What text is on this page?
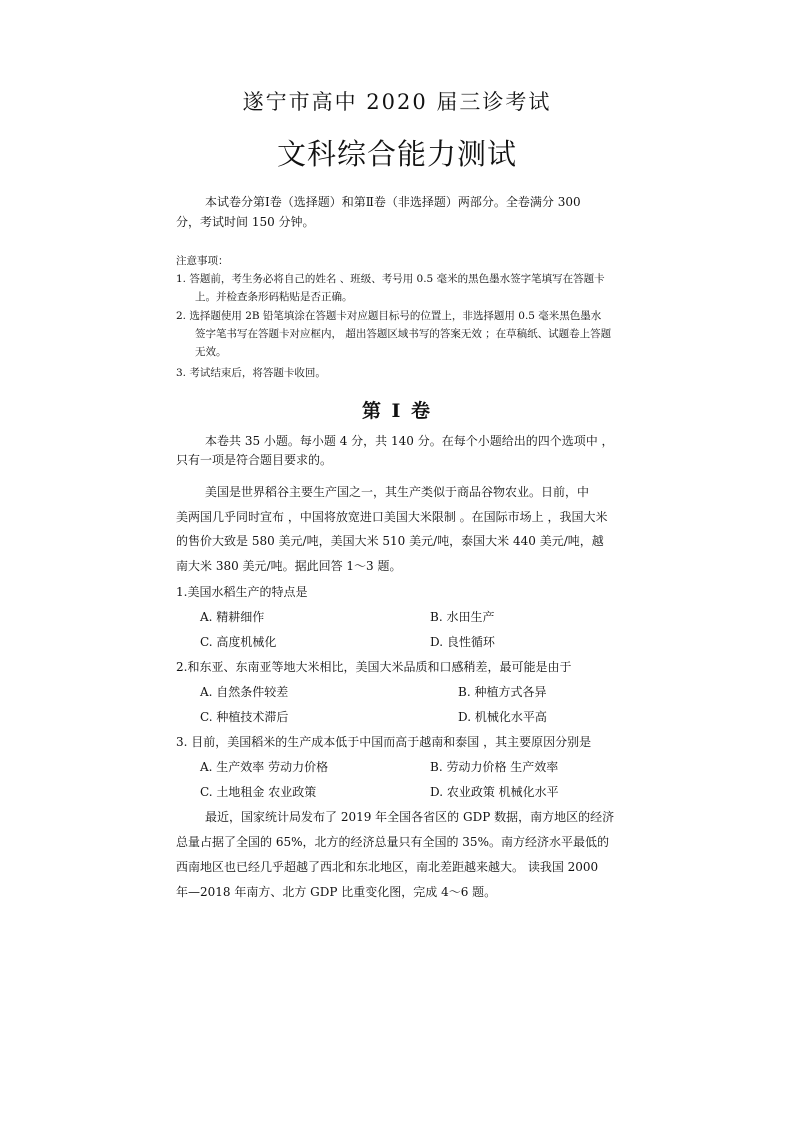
遂宁市高中 2020 届三诊考试
文科综合能力测试
本试卷分第Ⅰ卷（选择题）和第Ⅱ卷（非选择题）两部分。全卷满分 300
分，考试时间 150 分钟。
注意事项：
1. 答题前，考生务必将自己的姓名 、班级、考号用 0.5 毫米的黑色墨水签字笔填写在答题卡
上。并检查条形码粘贴是否正确。
2. 选择题使用 2B 铅笔填涂在答题卡对应题目标号的位置上，非选择题用 0.5 毫米黑色墨水
签字笔书写在答题卡对应框内， 超出答题区域书写的答案无效 ；在草稿纸、试题卷上答题
无效。
3. 考试结束后，将答题卡收回。
第 Ⅰ 卷
本卷共 35 小题。每小题 4 分，共 140 分。在每个小题给出的四个选项中 ，
只有一项是符合题目要求的。
美国是世界稻谷主要生产国之一，其生产类似于商品谷物农业。日前，中
美两国几乎同时宣布 ，中国将放宽进口美国大米限制 。在国际市场上 ，我国大米
的售价大致是 580 美元/吨，美国大米 510 美元/吨，泰国大米 440 美元/吨，越
南大米 380 美元/吨。据此回答 1～3 题。
1.美国水稻生产的特点是
A. 精耕细作	B. 水田生产
C. 高度机械化	D. 良性循环
2.和东亚、东南亚等地大米相比，美国大米品质和口感稍差，最可能是由于
A. 自然条件较差	B. 种植方式各异
C. 种植技术滞后	D. 机械化水平高
3. 目前，美国稻米的生产成本低于中国而高于越南和泰国 ，其主要原因分别是
A. 生产效率 劳动力价格	B. 劳动力价格 生产效率
C. 土地租金 农业政策	D. 农业政策 机械化水平
最近，国家统计局发布了 2019 年全国各省区的 GDP 数据，南方地区的经济
总量占据了全国的 65%，北方的经济总量只有全国的 35%。南方经济水平最低的
西南地区也已经几乎超越了西北和东北地区，南北差距越来越大。 读我国 2000
年—2018 年南方、北方 GDP 比重变化图，完成 4～6 题。
